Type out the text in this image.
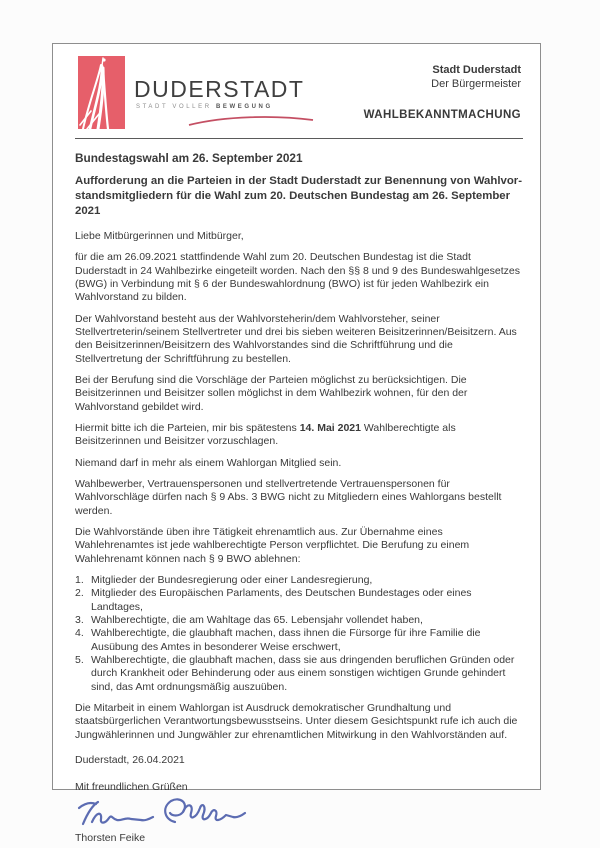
DUDERSTADT
STADT VOLLER BEWEGUNG
Stadt Duderstadt
Der Bürgermeister
WAHLBEKANNTMACHUNG
Bundestagswahl am 26. September 2021
Aufforderung an die Parteien in der Stadt Duderstadt zur Benennung von Wahlvor-
standsmitgliedern für die Wahl zum 20. Deutschen Bundestag am 26. September 2021
Liebe Mitbürgerinnen und Mitbürger,
für die am 26.09.2021 stattfindende Wahl zum 20. Deutschen Bundestag ist die Stadt Duderstadt in 24 Wahlbezirke eingeteilt worden. Nach den §§ 8 und 9 des Bundeswahlgesetzes (BWG) in Verbindung mit § 6 der Bundeswahlordnung (BWO) ist für jeden Wahlbezirk ein Wahlvorstand zu bilden.
Der Wahlvorstand besteht aus der Wahlvorsteherin/dem Wahlvorsteher, seiner Stellvertreterin/seinem Stellvertreter und drei bis sieben weiteren Beisitzerinnen/Beisitzern. Aus den Beisitzerinnen/Beisitzern des Wahlvorstandes sind die Schriftführung und die Stellvertretung der Schriftführung zu bestellen.
Bei der Berufung sind die Vorschläge der Parteien möglichst zu berücksichtigen. Die Beisitzerinnen und Beisitzer sollen möglichst in dem Wahlbezirk wohnen, für den der Wahlvorstand gebildet wird.
Hiermit bitte ich die Parteien, mir bis spätestens 14. Mai 2021 Wahlberechtigte als Beisitzerinnen und Beisitzer vorzuschlagen.
Niemand darf in mehr als einem Wahlorgan Mitglied sein.
Wahlbewerber, Vertrauenspersonen und stellvertretende Vertrauenspersonen für Wahlvorschläge dürfen nach § 9 Abs. 3 BWG nicht zu Mitgliedern eines Wahlorgans bestellt werden.
Die Wahlvorstände üben ihre Tätigkeit ehrenamtlich aus. Zur Übernahme eines Wahlehrenamtes ist jede wahlberechtigte Person verpflichtet. Die Berufung zu einem Wahlehrenamt können nach § 9 BWO ablehnen:
1. Mitglieder der Bundesregierung oder einer Landesregierung,
2. Mitglieder des Europäischen Parlaments, des Deutschen Bundestages oder eines Landtages,
3. Wahlberechtigte, die am Wahltage das 65. Lebensjahr vollendet haben,
4. Wahlberechtigte, die glaubhaft machen, dass ihnen die Fürsorge für ihre Familie die Ausübung des Amtes in besonderer Weise erschwert,
5. Wahlberechtigte, die glaubhaft machen, dass sie aus dringenden beruflichen Gründen oder durch Krankheit oder Behinderung oder aus einem sonstigen wichtigen Grunde gehindert sind, das Amt ordnungsmäßig auszuüben.
Die Mitarbeit in einem Wahlorgan ist Ausdruck demokratischer Grundhaltung und staatsbürgerlichen Verantwortungsbewusstseins. Unter diesem Gesichtspunkt rufe ich auch die Jungwählerinnen und Jungwähler zur ehrenamtlichen Mitwirkung in den Wahlvorständen auf.
Duderstadt, 26.04.2021
Mit freundlichen Grüßen
Thorsten Feike
